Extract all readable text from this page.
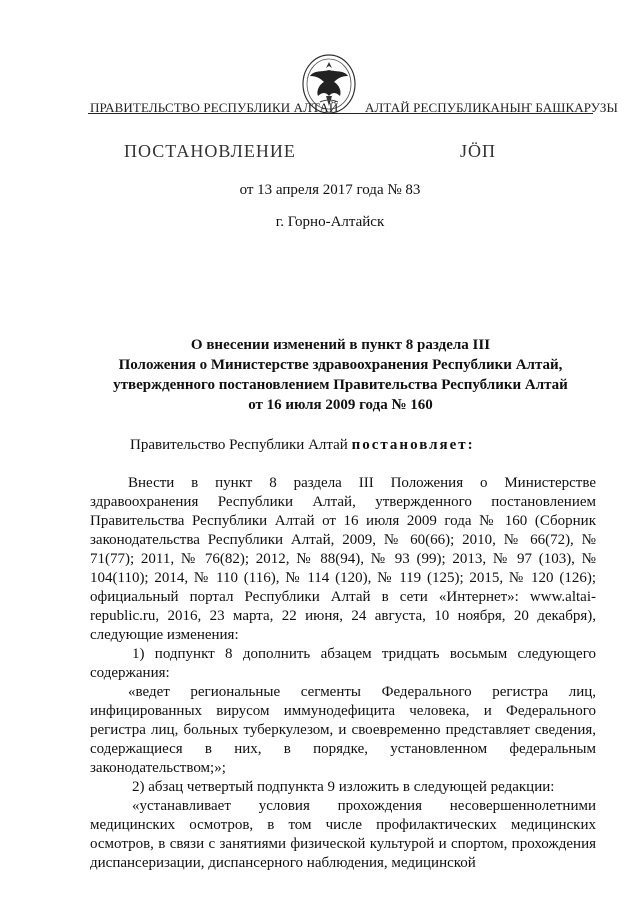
ПРАВИТЕЛЬСТВО РЕСПУБЛИКИ АЛТАЙ АЛТАЙ РЕСПУБЛИКАНЫҤ БАШКАРУЗЫ
ПОСТАНОВЛЕНИЕ	JÖП
от 13 апреля 2017 года № 83
г. Горно-Алтайск
О внесении изменений в пункт 8 раздела III
Положения о Министерстве здравоохранения Республики Алтай,
утвержденного постановлением Правительства Республики Алтай
от 16 июля 2009 года № 160
Правительство Республики Алтай постановляет:

Внести в пункт 8 раздела III Положения о Министерстве здравоохранения Республики Алтай, утвержденного постановлением Правительства Республики Алтай от 16 июля 2009 года № 160 (Сборник законодательства Республики Алтай, 2009, № 60(66); 2010, № 66(72), № 71(77); 2011, № 76(82); 2012, № 88(94), № 93 (99); 2013, № 97 (103), № 104(110); 2014, № 110 (116), № 114 (120), № 119 (125); 2015, № 120 (126); официальный портал Республики Алтай в сети «Интернет»: www.altai-republic.ru, 2016, 23 марта, 22 июня, 24 августа, 10 ноября, 20 декабря), следующие изменения:

1) подпункт 8 дополнить абзацем тридцать восьмым следующего содержания:

«ведет региональные сегменты Федерального регистра лиц, инфицированных вирусом иммунодефицита человека, и Федерального регистра лиц, больных туберкулезом, и своевременно представляет сведения, содержащиеся в них, в порядке, установленном федеральным законодательством;»;

2) абзац четвертый подпункта 9 изложить в следующей редакции:

«устанавливает условия прохождения несовершеннолетними медицинских осмотров, в том числе профилактических медицинских осмотров, в связи с занятиями физической культурой и спортом, прохождения диспансеризации, диспансерного наблюдения, медицинской
